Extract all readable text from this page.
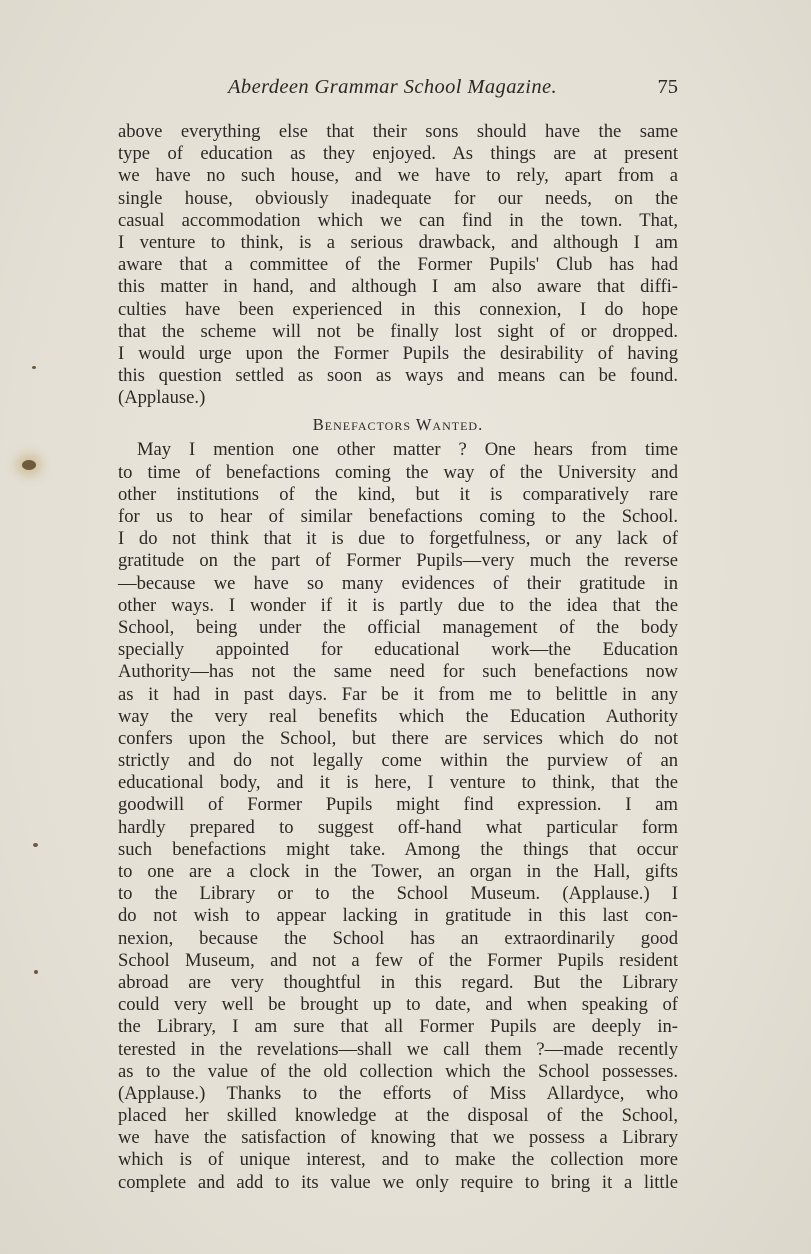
Aberdeen Grammar School Magazine.	75
above everything else that their sons should have the same
type of education as they enjoyed. As things are at present
we have no such house, and we have to rely, apart from a
single house, obviously inadequate for our needs, on the
casual accommodation which we can find in the town. That,
I venture to think, is a serious drawback, and although I am
aware that a committee of the Former Pupils' Club has had
this matter in hand, and although I am also aware that diffi-
culties have been experienced in this connexion, I do hope
that the scheme will not be finally lost sight of or dropped.
I would urge upon the Former Pupils the desirability of having
this question settled as soon as ways and means can be found.
(Applause.)
Benefactors Wanted.
May I mention one other matter ? One hears from time
to time of benefactions coming the way of the University and
other institutions of the kind, but it is comparatively rare
for us to hear of similar benefactions coming to the School.
I do not think that it is due to forgetfulness, or any lack of
gratitude on the part of Former Pupils—very much the reverse
—because we have so many evidences of their gratitude in
other ways. I wonder if it is partly due to the idea that the
School, being under the official management of the body
specially appointed for educational work—the Education
Authority—has not the same need for such benefactions now
as it had in past days. Far be it from me to belittle in any
way the very real benefits which the Education Authority
confers upon the School, but there are services which do not
strictly and do not legally come within the purview of an
educational body, and it is here, I venture to think, that the
goodwill of Former Pupils might find expression. I am
hardly prepared to suggest off-hand what particular form
such benefactions might take. Among the things that occur
to one are a clock in the Tower, an organ in the Hall, gifts
to the Library or to the School Museum. (Applause.) I
do not wish to appear lacking in gratitude in this last con-
nexion, because the School has an extraordinarily good
School Museum, and not a few of the Former Pupils resident
abroad are very thoughtful in this regard. But the Library
could very well be brought up to date, and when speaking of
the Library, I am sure that all Former Pupils are deeply in-
terested in the revelations—shall we call them ?—made recently
as to the value of the old collection which the School possesses.
(Applause.) Thanks to the efforts of Miss Allardyce, who
placed her skilled knowledge at the disposal of the School,
we have the satisfaction of knowing that we possess a Library
which is of unique interest, and to make the collection more
complete and add to its value we only require to bring it a little
